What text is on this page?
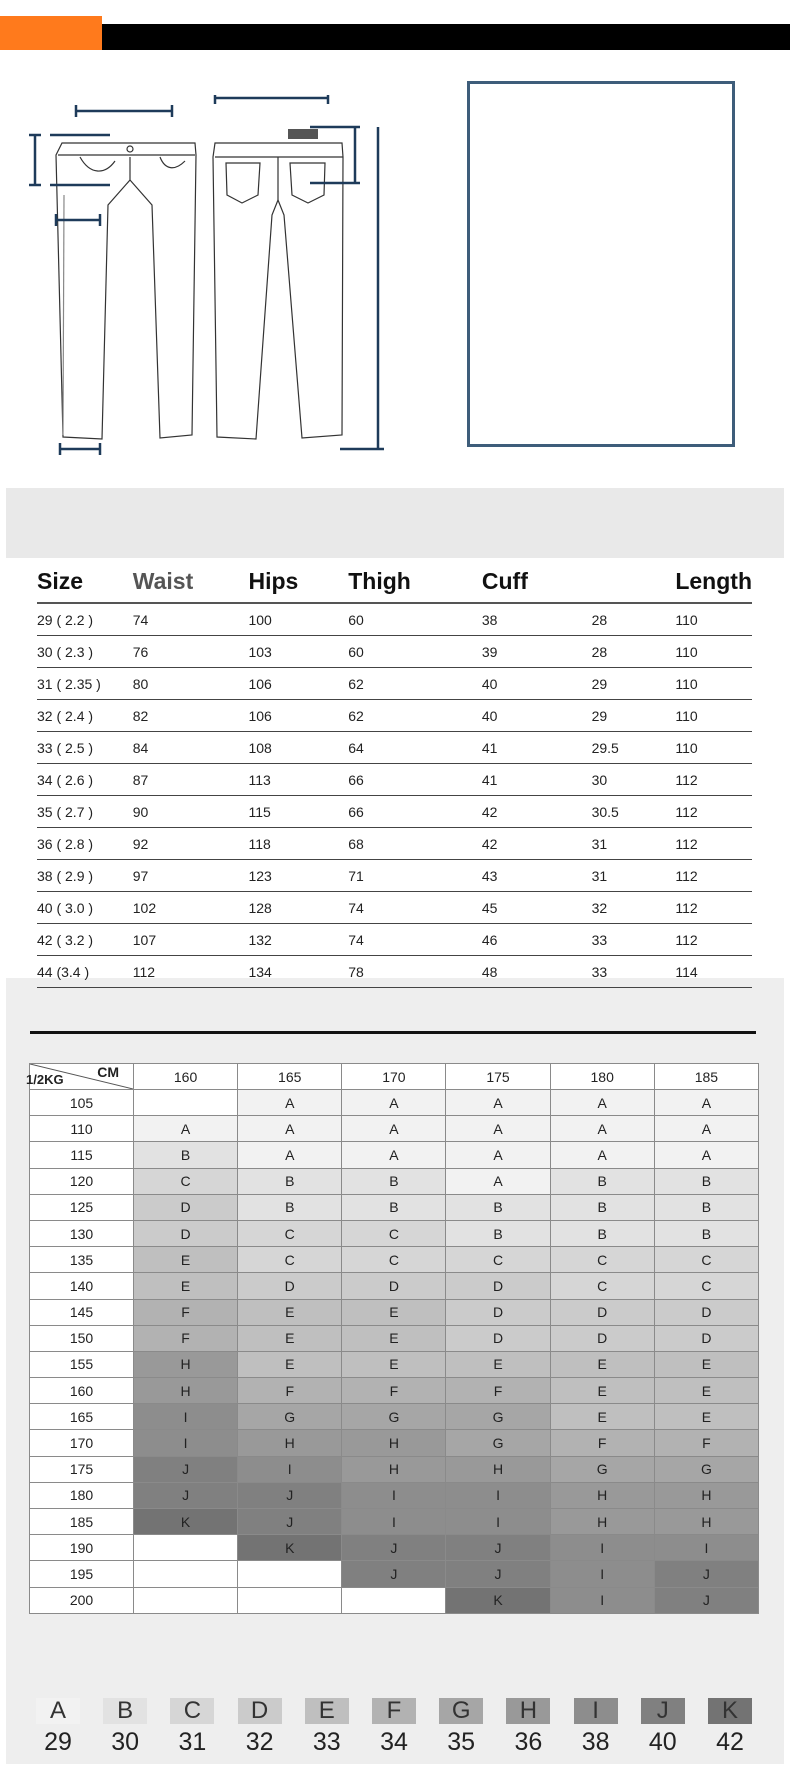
Size	Waist	Hips	Thigh	Cuff		Length
29 ( 2.2 )	74	100	60	38	28	110
30 ( 2.3 )	76	103	60	39	28	110
31 ( 2.35 )	80	106	62	40	29	110
32 ( 2.4 )	82	106	62	40	29	110
33 ( 2.5 )	84	108	64	41	29.5	110
34 ( 2.6 )	87	113	66	41	30	112
35 ( 2.7 )	90	115	66	42	30.5	112
36 ( 2.8 )	92	118	68	42	31	112
38 ( 2.9 )	97	123	71	43	31	112
40 ( 3.0 )	102	128	74	45	32	112
42 ( 3.2 )	107	132	74	46	33	112
44 (3.4 )	112	134	78	48	33	114
CM
1/2KG	160	165	170	175	180	185
105		A	A	A	A	A
110	A	A	A	A	A	A
115	B	A	A	A	A	A
120	C	B	B	A	B	B
125	D	B	B	B	B	B
130	D	C	C	B	B	B
135	E	C	C	C	C	C
140	E	D	D	D	C	C
145	F	E	E	D	D	D
150	F	E	E	D	D	D
155	H	E	E	E	E	E
160	H	F	F	F	E	E
165	I	G	G	G	E	E
170	I	H	H	G	F	F
175	J	I	H	H	G	G
180	J	J	I	I	H	H
185	K	J	I	I	H	H
190		K	J	J	I	I
195			J	J	I	J
200				K	I	J
A
29
B
30
C
31
D
32
E
33
F
34
G
35
H
36
I
38
J
40
K
42
